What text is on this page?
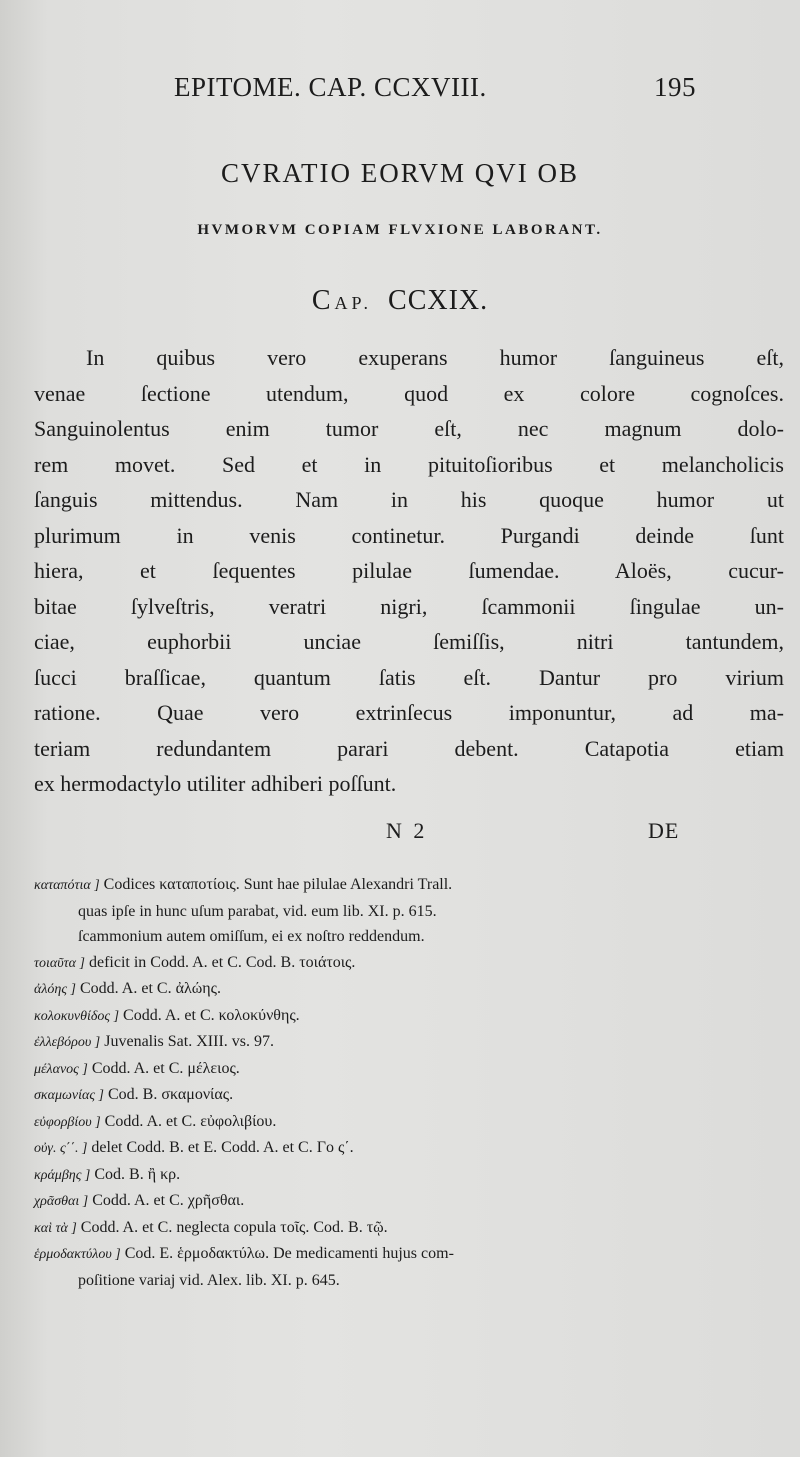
EPITOME. CAP. CCXVIII.	195
CVRATIO EORVM QVI OB
HVMORVM COPIAM FLVXIONE LABORANT.
CAP. CCXIX.
In quibus vero exuperans humor ſanguineus eſt,
venae ſectione utendum, quod ex colore cognoſces.
Sanguinolentus enim tumor eſt, nec magnum dolo-
rem movet. Sed et in pituitoſioribus et melancholicis
ſanguis mittendus. Nam in his quoque humor ut
plurimum in venis continetur. Purgandi deinde ſunt
hiera, et ſequentes pilulae ſumendae. Aloës, cucur-
bitae ſylveſtris, veratri nigri, ſcammonii ſingulae un-
ciae, euphorbii unciae ſemiſſis, nitri tantundem,
ſucci braſſicae, quantum ſatis eſt. Dantur pro virium
ratione. Quae vero extrinſecus imponuntur, ad ma-
teriam redundantem parari debent. Catapotia etiam
ex hermodactylo utiliter adhiberi poſſunt.
N 2	DE
καταπότια ] Codices καταποτίοις. Sunt hae pilulae Alexandri Trall.
quas ipſe in hunc uſum parabat, vid. eum lib. XI. p. 615.
ſcammonium autem omiſſum, ei ex noſtro reddendum.
τοιαῦτα ] deficit in Codd. A. et C. Cod. B. τοιάτοις.
ἀλόης ] Codd. A. et C. ἀλώης.
κολοκυνθίδος ] Codd. A. et C. κολοκύνθης.
ἐλλεβόρου ] Juvenalis Sat. XIII. vs. 97.
μέλανος ] Codd. A. et C. μέλειος.
σκαμωνίας ] Cod. B. σκαμονίας.
εὐφορβίου ] Codd. A. et C. εὐφολιβίου.
οὐγ. ς΄΄. ] delet Codd. B. et E. Codd. A. et C. Γο ς΄.
κράμβης ] Cod. B. ἢ κρ.
χρᾶσθαι ] Codd. A. et C. χρῆσθαι.
καὶ τὰ ] Codd. A. et C. neglecta copula τοῖς. Cod. B. τῷ.
ἑρμοδακτύλου ] Cod. E. ἑρμοδακτύλω. De medicamenti hujus com-
poſitione variaj vid. Alex. lib. XI. p. 645.
